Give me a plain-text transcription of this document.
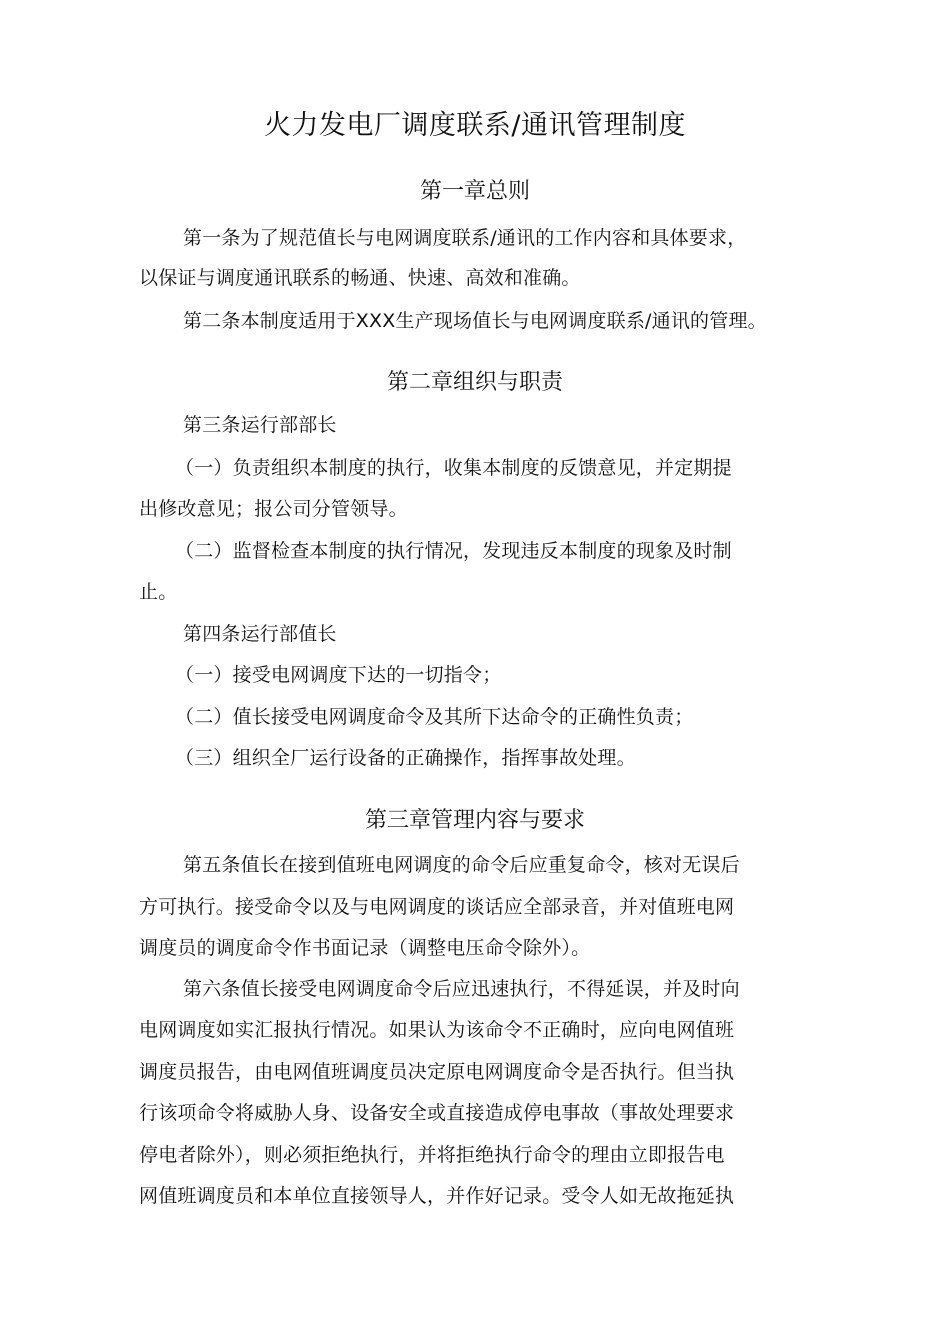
火力发电厂调度联系/通讯管理制度
第一章总则
第一条为了规范值长与电网调度联系/通讯的工作内容和具体要求，
以保证与调度通讯联系的畅通、快速、高效和准确。
第二条本制度适用于XXX生产现场值长与电网调度联系/通讯的管理。
第二章组织与职责
第三条运行部部长
（一）负责组织本制度的执行，收集本制度的反馈意见，并定期提
出修改意见；报公司分管领导。
（二）监督检查本制度的执行情况，发现违反本制度的现象及时制
止。
第四条运行部值长
（一）接受电网调度下达的一切指令；
（二）值长接受电网调度命令及其所下达命令的正确性负责；
（三）组织全厂运行设备的正确操作，指挥事故处理。
第三章管理内容与要求
第五条值长在接到值班电网调度的命令后应重复命令，核对无误后
方可执行。接受命令以及与电网调度的谈话应全部录音，并对值班电网
调度员的调度命令作书面记录（调整电压命令除外）。
第六条值长接受电网调度命令后应迅速执行，不得延误，并及时向
电网调度如实汇报执行情况。如果认为该命令不正确时，应向电网值班
调度员报告，由电网值班调度员决定原电网调度命令是否执行。但当执
行该项命令将威胁人身、设备安全或直接造成停电事故（事故处理要求
停电者除外），则必须拒绝执行，并将拒绝执行命令的理由立即报告电
网值班调度员和本单位直接领导人，并作好记录。受令人如无故拖延执
